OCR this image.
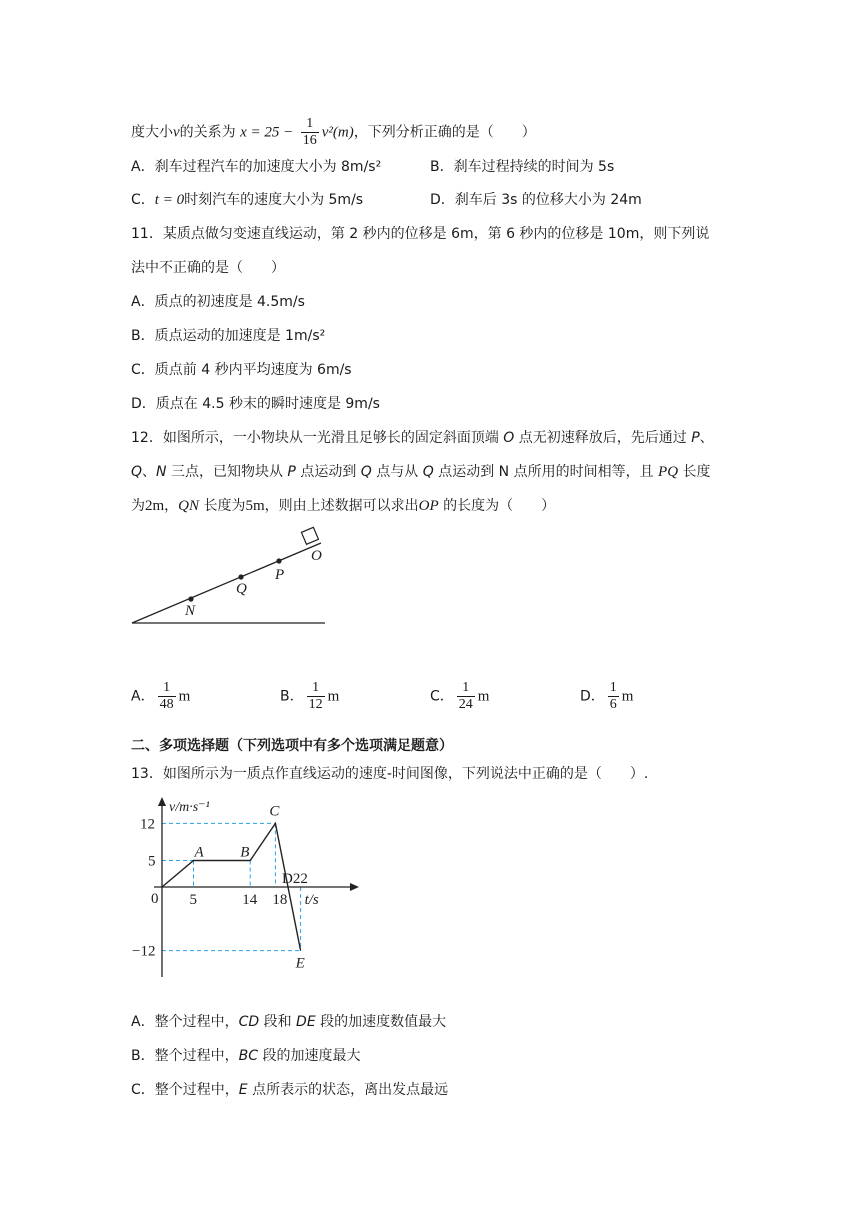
度大小v的关系为 $x = 25 - \frac{1}{16} v^2(m)$，下列分析正确的是（　　）
A．刹车过程汽车的加速度大小为 8m/s²	B．刹车过程持续的时间为 5s
C．t = 0时刻汽车的速度大小为 5m/s	D．刹车后 3s 的位移大小为 24m
11．某质点做匀变速直线运动，第 2 秒内的位移是 6m，第 6 秒内的位移是 10m，则下列说
法中不正确的是（　　）
A．质点的初速度是 4.5m/s
B．质点运动的加速度是 1m/s²
C．质点前 4 秒内平均速度为 6m/s
D．质点在 4.5 秒末的瞬时速度是 9m/s
12．如图所示，一小物块从一光滑且足够长的固定斜面顶端 O 点无初速释放后，先后通过 P、
Q、N 三点，已知物块从 P 点运动到 Q 点与从 Q 点运动到 N 点所用的时间相等，且 PQ 长度
为2m，QN 长度为5m，则由上述数据可以求出OP 的长度为（　　）
O
P
Q
N
A． $\frac{1}{48}$ m	B． $\frac{1}{12}$ m	C． $\frac{1}{24}$ m	D． $\frac{1}{6}$ m
二、多项选择题（下列选项中有多个选项满足题意）
13．如图所示为一质点作直线运动的速度-时间图像，下列说法中正确的是（　　）.
A B
C
E
0 5	14 18
D22
12
5
−12
t/s
v/m·s⁻¹
A．整个过程中，CD 段和 DE 段的加速度数值最大
B．整个过程中，BC 段的加速度最大
C．整个过程中，E 点所表示的状态，离出发点最远
